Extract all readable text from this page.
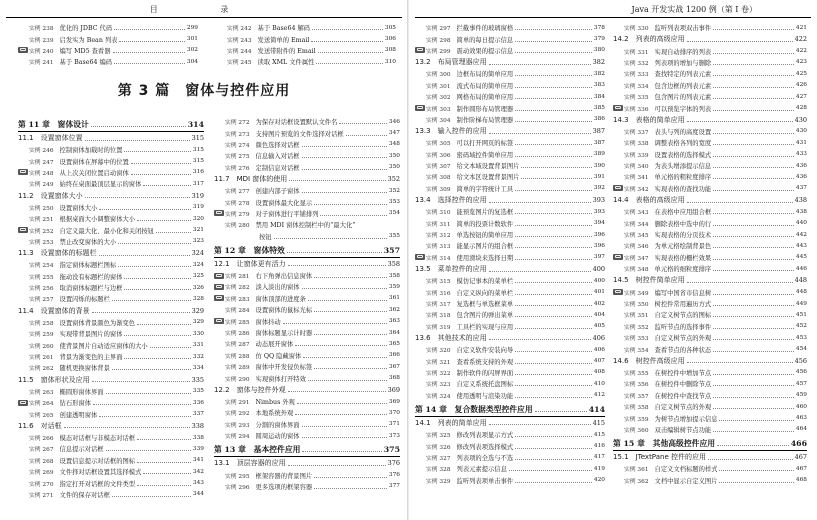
目 录
实例 238 优化的 JDBC 代码	299
实例 239 启发实为 Bean 列表	301
实例 240 编写 MD5 查看器	302
实例 241 基于 Base64 编码	304
实例 242 基于 Base64 解码	305
实例 243 发送简单的 Email	306
实例 244 发送带附件的 Email	308
实例 245 读取 XML 文件属性	310
第 3 篇　窗体与控件应用
第 11 章　窗体设计	314
11.1　设置窗体位置	315
实例 246 控制窗体加载时的位置	315
实例 247 设置窗体在屏幕中的位置	315
实例 248 从上次关闭位置启动窗体	316
实例 249 始终在桌面最顶层显示的窗体	317
11.2　设置窗体大小	319
实例 250 设置窗体大小	319
实例 251 根据桌面大小调整窗体大小	320
实例 252 自定义最大化、最小化和关闭按钮	321
实例 253 禁止改变窗体的大小	323
11.3　设置窗体的标题栏	324
实例 254 指定窗体标题栏图标	324
实例 255 拖动没有标题栏的窗体	325
实例 256 取消窗体标题栏与边框	326
实例 257 设置闪烁的标题栏	328
11.4　设置窗体的背景	329
实例 258 设置窗体背景颜色为渐变色	329
实例 259 实现带背景图片的窗体	330
实例 260 使背景图片自动适应窗体的大小	331
实例 261 背景为渐变色的主界面	332
实例 262 随机更换窗体背景	334
11.5　窗体形状及应用	335
实例 263 椭圆形窗体界面	335
实例 264 钻石形窗体	336
实例 265 创建透明窗体	337
11.6　对话框	338
实例 266 模态对话框与非模态对话框	338
实例 267 信息提示对话框	339
实例 268 设置信息提示对话框的图标	341
实例 269 文件择对话框设置其选择模式	342
实例 270 指定打开对话框的文件类型	343
实例 271 文件的保存对话框	344
实例 272 为保存对话框设置默认文件名	346
实例 273 支持图片预览的文件选择对话框	347
实例 274 颜色选择对话框	348
实例 275 信息输入对话框	350
实例 276 定制信息对话框	350
11.7　MDI 窗体的使用	352
实例 277 创建内部子窗体	352
实例 278 设置窗体最大化显示	353
实例 279 对子窗体进行平铺排列	354
实例 280 禁用 MDI 窗体控制栏中的“最大化”
按钮	355
第 12 章　窗体特效	357
12.1　让窗体更有活力	358
实例 281 右下角弹出信息窗体	358
实例 282 淡入淡出的窗体	359
实例 283 窗体顶部的进度条	361
实例 284 设置窗体的鼠标光标	362
实例 285 窗体抖动	363
实例 286 窗体标题显示计时器	364
实例 287 动态展开窗体	365
实例 288 仿 QQ 隐藏窗体	366
实例 289 窗体中开发侵负标签	367
实例 290 实现窗体打开特效	368
12.2　窗体与控件外观	369
实例 291 Nimbus 外观	369
实例 292 本地系统外观	370
实例 293 分割的窗体界面	371
实例 294 圆周运动的窗体	373
第 13 章　基本控件应用	375
13.1　顶层容器的应用	376
实例 295 框架容器的背景图片	376
实例 296 更多选项的框架容器	377
Java 开发实战 1200 例（第 I 卷）
实例 297 拦截事件的玻璃窗格	378
实例 298 简单的每日提示信息	379
实例 299 震动效果的提示信息	380
13.2　布局管理器应用	382
实例 300 边框布局的简单应用	382
实例 301 流式布局的简单应用	383
实例 302 网格布局的简单应用	384
实例 303 制作圆形布局管理器	385
实例 304 制作阶梯布局管理器	386
13.3　输入控件的应用	387
实例 305 可以打开网页的标签	387
实例 306 密码域控件简单应用	389
实例 307 给文本域设置背景图片	390
实例 308 给文本区设置背景图片	391
实例 309 简单的字符统计工具	392
13.4　选择控件的应用	393
实例 310 能预览图片的复选框	393
实例 311 简单的投票计数软件	394
实例 312 单选按钮的简单应用	396
实例 313 能显示图片的组合框	396
实例 314 使用滑块来选择日期	397
13.5　菜单控件的应用	400
实例 315 模仿记事本的菜单栏	400
实例 316 自定义纵向的菜单栏	401
实例 317 复选框与单选框菜单	402
实例 318 包含图片的弹出菜单	404
实例 319 工具栏的实现与应用	405
13.6　其他技术的应用	406
实例 320 自定义软件安装向导	406
实例 321 查看系统支持的外观	407
实例 322 制作软件的闪屏界面	408
实例 323 自定义系统托盘图标	410
实例 324 使用透明与渲染功能	412
第 14 章　复合数据类型控件应用	414
14.1　列表的简单应用	415
实例 325 修改列表项显示方式	415
实例 326 修改列表项选择模式	416
实例 327 列表项的全选与不选	417
实例 328 列表元素提示信息	419
实例 329 监听列表项单击事件	420
实例 330 监听列表项双击事件	421
14.2　列表的高级应用	422
实例 331 实现自动排序的列表	422
实例 332 列表项的增加与删除	423
实例 333 查找特定的列表元素	425
实例 334 包含边框的列表元素	426
实例 335 包含图片的列表元素	427
实例 336 可以预览字体的列表	428
14.3　表格的简单应用	430
实例 337 表头与列的高度设置	430
实例 338 调整表格各列的宽度	431
实例 339 设置表格的选择模式	433
实例 340 为表头增添提示信息	436
实例 341 单元格的粗粒度排序	436
实例 342 实现表格的查找功能	437
14.4　表格的高级应用	438
实例 343 在表格中应用组合框	438
实例 344 删除表格中选中的行	440
实例 345 实现表格的分页技术	442
实例 346 为单元格绘制背景色	443
实例 347 实现表格的栅栏效果	445
实例 348 单元格的细粒度排序	446
14.5　树控件简单应用	448
实例 349 编写中国省市信息树	448
实例 350 树控件常用遍历方式	449
实例 351 自定义树节点的图标	451
实例 352 监听节点的选择事件	452
实例 353 自定义树节点的外观	453
实例 354 查看节点的各种状态	454
14.6　树控件高级应用	456
实例 355 在树控件中增加节点	456
实例 356 在树控件中删除节点	457
实例 357 在树控件中查找节点	459
实例 358 自定义树节点的外观	460
实例 359 为树节点增加提示信息	463
实例 360 双击编辑树节点功能	464
第 15 章　其他高级控件应用	466
15.1　JTextPane 控件的应用	467
实例 361 自定义文档标题的样式	467
实例 362 文档中显示自定义图片	468
